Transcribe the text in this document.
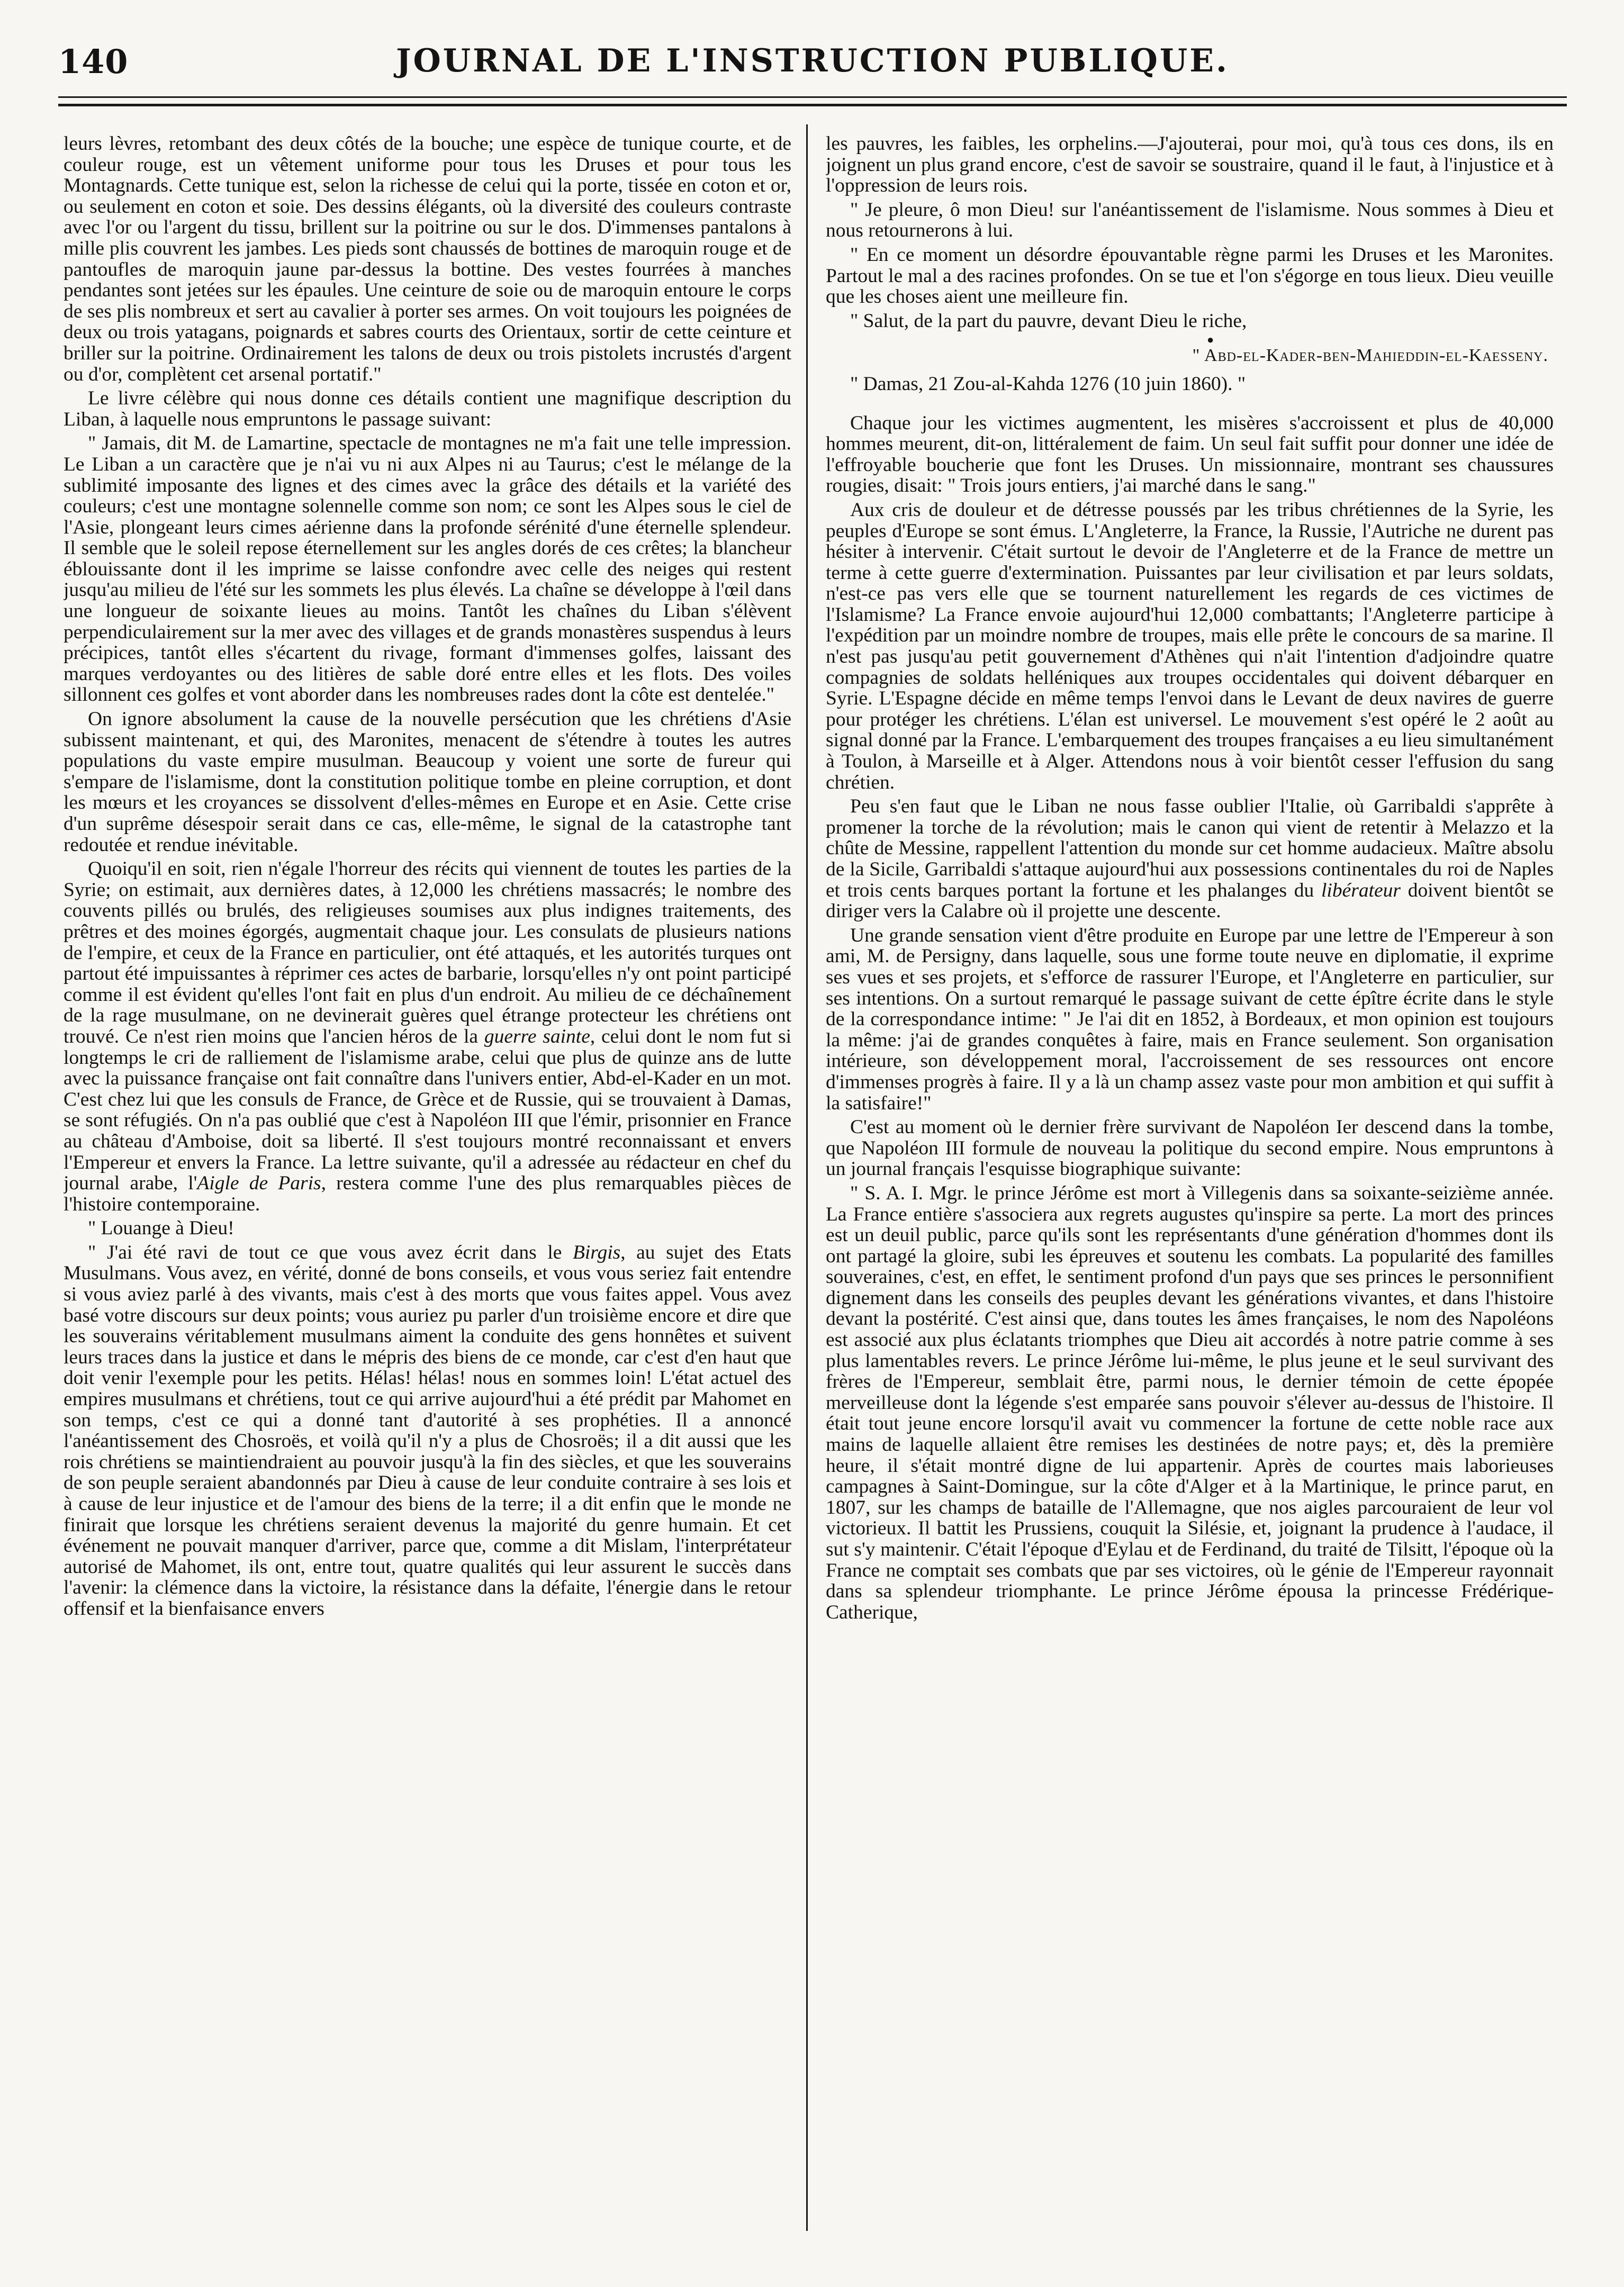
140	JOURNAL DE L'INSTRUCTION PUBLIQUE.

leurs lèvres, retombant des deux côtés de la bouche; une espèce de tunique courte, et de couleur rouge, est un vêtement uniforme pour tous les Druses et pour tous les Montagnards. Cette tunique est, selon la richesse de celui qui la porte, tissée en coton et or, ou seulement en coton et soie. Des dessins élégants, où la diversité des couleurs contraste avec l'or ou l'argent du tissu, brillent sur la poitrine ou sur le dos. D'immenses pantalons à mille plis couvrent les jambes. Les pieds sont chaussés de bottines de maroquin rouge et de pantoufles de maroquin jaune par-dessus la bottine. Des vestes fourrées à manches pendantes sont jetées sur les épaules. Une ceinture de soie ou de maroquin entoure le corps de ses plis nombreux et sert au cavalier à porter ses armes. On voit toujours les poignées de deux ou trois yatagans, poignards et sabres courts des Orientaux, sortir de cette ceinture et briller sur la poitrine. Ordinairement les talons de deux ou trois pistolets incrustés d'argent ou d'or, complètent cet arsenal portatif."

Le livre célèbre qui nous donne ces détails contient une magnifique description du Liban, à laquelle nous empruntons le passage suivant:

" Jamais, dit M. de Lamartine, spectacle de montagnes ne m'a fait une telle impression. Le Liban a un caractère que je n'ai vu ni aux Alpes ni au Taurus; c'est le mélange de la sublimité imposante des lignes et des cimes avec la grâce des détails et la variété des couleurs; c'est une montagne solennelle comme son nom; ce sont les Alpes sous le ciel de l'Asie, plongeant leurs cimes aérienne dans la profonde sérénité d'une éternelle splendeur. Il semble que le soleil repose éternellement sur les angles dorés de ces crêtes; la blancheur éblouissante dont il les imprime se laisse confondre avec celle des neiges qui restent jusqu'au milieu de l'été sur les sommets les plus élevés. La chaîne se développe à l'œil dans une longueur de soixante lieues au moins. Tantôt les chaînes du Liban s'élèvent perpendiculairement sur la mer avec des villages et de grands monastères suspendus à leurs précipices, tantôt elles s'écartent du rivage, formant d'immenses golfes, laissant des marques verdoyantes ou des litières de sable doré entre elles et les flots. Des voiles sillonnent ces golfes et vont aborder dans les nombreuses rades dont la côte est dentelée."

On ignore absolument la cause de la nouvelle persécution que les chrétiens d'Asie subissent maintenant, et qui, des Maronites, menacent de s'étendre à toutes les autres populations du vaste empire musulman. Beaucoup y voient une sorte de fureur qui s'empare de l'islamisme, dont la constitution politique tombe en pleine corruption, et dont les mœurs et les croyances se dissolvent d'elles-mêmes en Europe et en Asie. Cette crise d'un suprême désespoir serait dans ce cas, elle-même, le signal de la catastrophe tant redoutée et rendue inévitable.

Quoiqu'il en soit, rien n'égale l'horreur des récits qui viennent de toutes les parties de la Syrie; on estimait, aux dernières dates, à 12,000 les chrétiens massacrés; le nombre des couvents pillés ou brulés, des religieuses soumises aux plus indignes traitements, des prêtres et des moines égorgés, augmentait chaque jour. Les consulats de plusieurs nations de l'empire, et ceux de la France en particulier, ont été attaqués, et les autorités turques ont partout été impuissantes à réprimer ces actes de barbarie, lorsqu'elles n'y ont point participé comme il est évident qu'elles l'ont fait en plus d'un endroit. Au milieu de ce déchaînement de la rage musulmane, on ne devinerait guères quel étrange protecteur les chrétiens ont trouvé. Ce n'est rien moins que l'ancien héros de la guerre sainte, celui dont le nom fut si longtemps le cri de ralliement de l'islamisme arabe, celui que plus de quinze ans de lutte avec la puissance française ont fait connaître dans l'univers entier, Abd-el-Kader en un mot. C'est chez lui que les consuls de France, de Grèce et de Russie, qui se trouvaient à Damas, se sont réfugiés. On n'a pas oublié que c'est à Napoléon III que l'émir, prisonnier en France au château d'Amboise, doit sa liberté. Il s'est toujours montré reconnaissant et envers l'Empereur et envers la France. La lettre suivante, qu'il a adressée au rédacteur en chef du journal arabe, l'Aigle de Paris, restera comme l'une des plus remarquables pièces de l'histoire contemporaine.

" Louange à Dieu!

" J'ai été ravi de tout ce que vous avez écrit dans le Birgis, au sujet des Etats Musulmans. Vous avez, en vérité, donné de bons conseils, et vous vous seriez fait entendre si vous aviez parlé à des vivants, mais c'est à des morts que vous faites appel. Vous avez basé votre discours sur deux points; vous auriez pu parler d'un troisième encore et dire que les souverains véritablement musulmans aiment la conduite des gens honnêtes et suivent leurs traces dans la justice et dans le mépris des biens de ce monde, car c'est d'en haut que doit venir l'exemple pour les petits. Hélas! hélas! nous en sommes loin! L'état actuel des empires musulmans et chrétiens, tout ce qui arrive aujourd'hui a été prédit par Mahomet en son temps, c'est ce qui a donné tant d'autorité à ses prophéties. Il a annoncé l'anéantissement des Chosroës, et voilà qu'il n'y a plus de Chosroës; il a dit aussi que les rois chrétiens se maintiendraient au pouvoir jusqu'à la fin des siècles, et que les souverains de son peuple seraient abandonnés par Dieu à cause de leur conduite contraire à ses lois et à cause de leur injustice et de l'amour des biens de la terre; il a dit enfin que le monde ne finirait que lorsque les chrétiens seraient devenus la majorité du genre humain. Et cet événement ne pouvait manquer d'arriver, parce que, comme a dit Mislam, l'interprétateur autorisé de Mahomet, ils ont, entre tout, quatre qualités qui leur assurent le succès dans l'avenir: la clémence dans la victoire, la résistance dans la défaite, l'énergie dans le retour offensif et la bienfaisance envers

les pauvres, les faibles, les orphelins.—J'ajouterai, pour moi, qu'à tous ces dons, ils en joignent un plus grand encore, c'est de savoir se soustraire, quand il le faut, à l'injustice et à l'oppression de leurs rois.

" Je pleure, ô mon Dieu! sur l'anéantissement de l'islamisme. Nous sommes à Dieu et nous retournerons à lui.

" En ce moment un désordre épouvantable règne parmi les Druses et les Maronites. Partout le mal a des racines profondes. On se tue et l'on s'égorge en tous lieux. Dieu veuille que les choses aient une meilleure fin.

" Salut, de la part du pauvre, devant Dieu le riche,

●

" Abd-el-Kader-ben-Mahieddin-el-Kaesseny.

" Damas, 21 Zou-al-Kahda 1276 (10 juin 1860). "

Chaque jour les victimes augmentent, les misères s'accroissent et plus de 40,000 hommes meurent, dit-on, littéralement de faim. Un seul fait suffit pour donner une idée de l'effroyable boucherie que font les Druses. Un missionnaire, montrant ses chaussures rougies, disait: " Trois jours entiers, j'ai marché dans le sang."

Aux cris de douleur et de détresse poussés par les tribus chrétiennes de la Syrie, les peuples d'Europe se sont émus. L'Angleterre, la France, la Russie, l'Autriche ne durent pas hésiter à intervenir. C'était surtout le devoir de l'Angleterre et de la France de mettre un terme à cette guerre d'extermination. Puissantes par leur civilisation et par leurs soldats, n'est-ce pas vers elle que se tournent naturellement les regards de ces victimes de l'Islamisme? La France envoie aujourd'hui 12,000 combattants; l'Angleterre participe à l'expédition par un moindre nombre de troupes, mais elle prête le concours de sa marine. Il n'est pas jusqu'au petit gouvernement d'Athènes qui n'ait l'intention d'adjoindre quatre compagnies de soldats helléniques aux troupes occidentales qui doivent débarquer en Syrie. L'Espagne décide en même temps l'envoi dans le Levant de deux navires de guerre pour protéger les chrétiens. L'élan est universel. Le mouvement s'est opéré le 2 août au signal donné par la France. L'embarquement des troupes françaises a eu lieu simultanément à Toulon, à Marseille et à Alger. Attendons nous à voir bientôt cesser l'effusion du sang chrétien.

Peu s'en faut que le Liban ne nous fasse oublier l'Italie, où Garribaldi s'apprête à promener la torche de la révolution; mais le canon qui vient de retentir à Melazzo et la chûte de Messine, rappellent l'attention du monde sur cet homme audacieux. Maître absolu de la Sicile, Garribaldi s'attaque aujourd'hui aux possessions continentales du roi de Naples et trois cents barques portant la fortune et les phalanges du libérateur doivent bientôt se diriger vers la Calabre où il projette une descente.

Une grande sensation vient d'être produite en Europe par une lettre de l'Empereur à son ami, M. de Persigny, dans laquelle, sous une forme toute neuve en diplomatie, il exprime ses vues et ses projets, et s'efforce de rassurer l'Europe, et l'Angleterre en particulier, sur ses intentions. On a surtout remarqué le passage suivant de cette épître écrite dans le style de la correspondance intime: " Je l'ai dit en 1852, à Bordeaux, et mon opinion est toujours la même: j'ai de grandes conquêtes à faire, mais en France seulement. Son organisation intérieure, son développement moral, l'accroissement de ses ressources ont encore d'immenses progrès à faire. Il y a là un champ assez vaste pour mon ambition et qui suffit à la satisfaire!"

C'est au moment où le dernier frère survivant de Napoléon Ier descend dans la tombe, que Napoléon III formule de nouveau la politique du second empire. Nous empruntons à un journal français l'esquisse biographique suivante:

" S. A. I. Mgr. le prince Jérôme est mort à Villegenis dans sa soixante-seizième année. La France entière s'associera aux regrets augustes qu'inspire sa perte. La mort des princes est un deuil public, parce qu'ils sont les représentants d'une génération d'hommes dont ils ont partagé la gloire, subi les épreuves et soutenu les combats. La popularité des familles souveraines, c'est, en effet, le sentiment profond d'un pays que ses princes le personnifient dignement dans les conseils des peuples devant les générations vivantes, et dans l'histoire devant la postérité. C'est ainsi que, dans toutes les âmes françaises, le nom des Napoléons est associé aux plus éclatants triomphes que Dieu ait accordés à notre patrie comme à ses plus lamentables revers. Le prince Jérôme lui-même, le plus jeune et le seul survivant des frères de l'Empereur, semblait être, parmi nous, le dernier témoin de cette épopée merveilleuse dont la légende s'est emparée sans pouvoir s'élever au-dessus de l'histoire. Il était tout jeune encore lorsqu'il avait vu commencer la fortune de cette noble race aux mains de laquelle allaient être remises les destinées de notre pays; et, dès la première heure, il s'était montré digne de lui appartenir. Après de courtes mais laborieuses campagnes à Saint-Domingue, sur la côte d'Alger et à la Martinique, le prince parut, en 1807, sur les champs de bataille de l'Allemagne, que nos aigles parcouraient de leur vol victorieux. Il battit les Prussiens, couquit la Silésie, et, joignant la prudence à l'audace, il sut s'y maintenir. C'était l'époque d'Eylau et de Ferdinand, du traité de Tilsitt, l'époque où la France ne comptait ses combats que par ses victoires, où le génie de l'Empereur rayonnait dans sa splendeur triomphante. Le prince Jérôme épousa la princesse Frédérique-Catherique,
